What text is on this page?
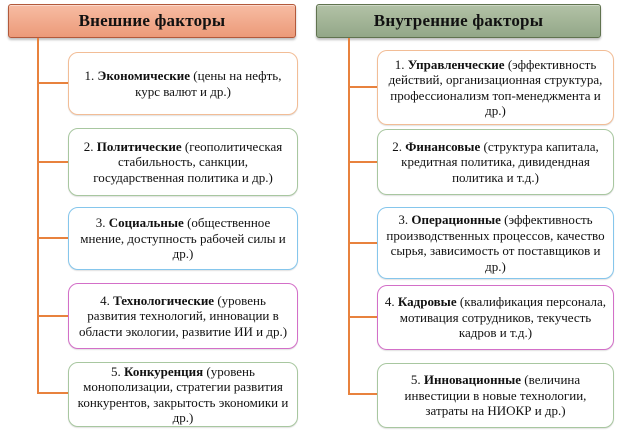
Внешние факторы
1. Экономические (цены на нефть, курс валют и др.)
2. Политические (геополитическая стабильность, санкции, государственная политика и др.)
3. Социальные (общественное мнение, доступность рабочей силы и др.)
4. Технологические (уровень развития технологий, инновации в области экологии, развитие ИИ и др.)
5. Конкуренция (уровень монополизации, стратегии развития конкурентов, закрытость экономики и др.)
Внутренние факторы
1. Управленческие (эффективность действий, организационная структура, профессионализм топ-менеджмента и др.)
2. Финансовые (структура капитала, кредитная политика, дивидендная политика и т.д.)
3. Операционные (эффективность производственных процессов, качество сырья, зависимость от поставщиков и др.)
4. Кадровые (квалификация персонала, мотивация сотрудников, текучесть кадров и т.д.)
5. Инновационные (величина инвестиции в новые технологии, затраты на НИОКР и др.)
